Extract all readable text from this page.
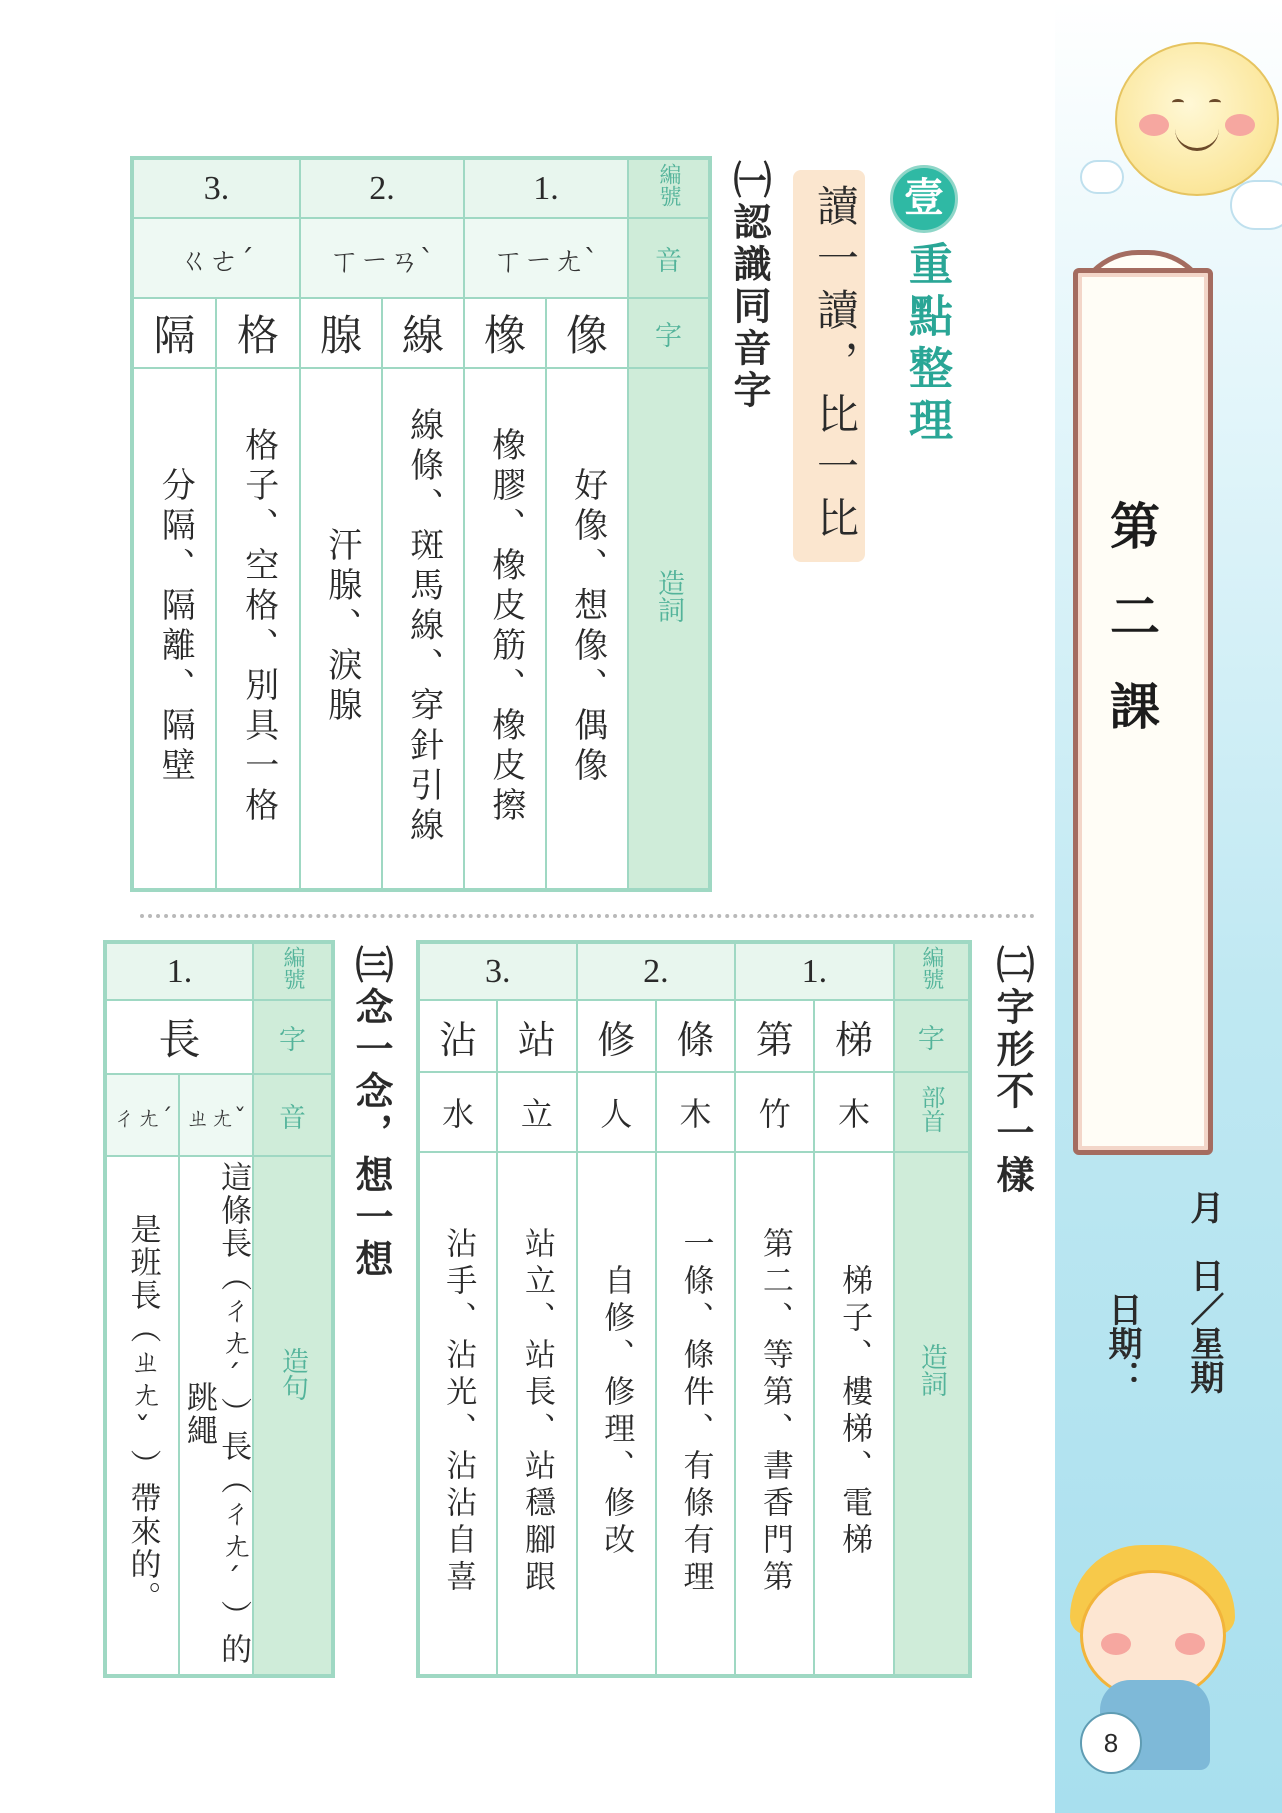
第二課
日期： 月　日／星期
8
壹
重點整理
讀一讀，比一比
㈠認識同音字
3.		2.		1.		編號
ㄍㄜˊ		ㄒㄧㄢˋ		ㄒㄧㄤˋ		音
隔	格	腺	線	橡	像	字
分隔、隔離、隔壁	格子、空格、別具一格	汗腺、淚腺	線條、斑馬線、穿針引線	橡膠、橡皮筋、橡皮擦	好像、想像、偶像	造詞
㈡字形不一樣
3.		2.		1.		編號
沾	站	修	條	第	梯	字
水	立	人	木	竹	木	部首
沾手、沾光、沾沾自喜	站立、站長、站穩腳跟	自修、修理、修改	一條、條件、有條有理	第二、等第、書香門第	梯子、樓梯、電梯	造詞
㈢念一念，想一想
1.		編號
長		字
ㄔㄤˊ	ㄓㄤˇ	音
是班長（ㄓㄤˇ）帶來的。	這條長（ㄔㄤˊ）長（ㄔㄤˊ）的跳繩	造句
